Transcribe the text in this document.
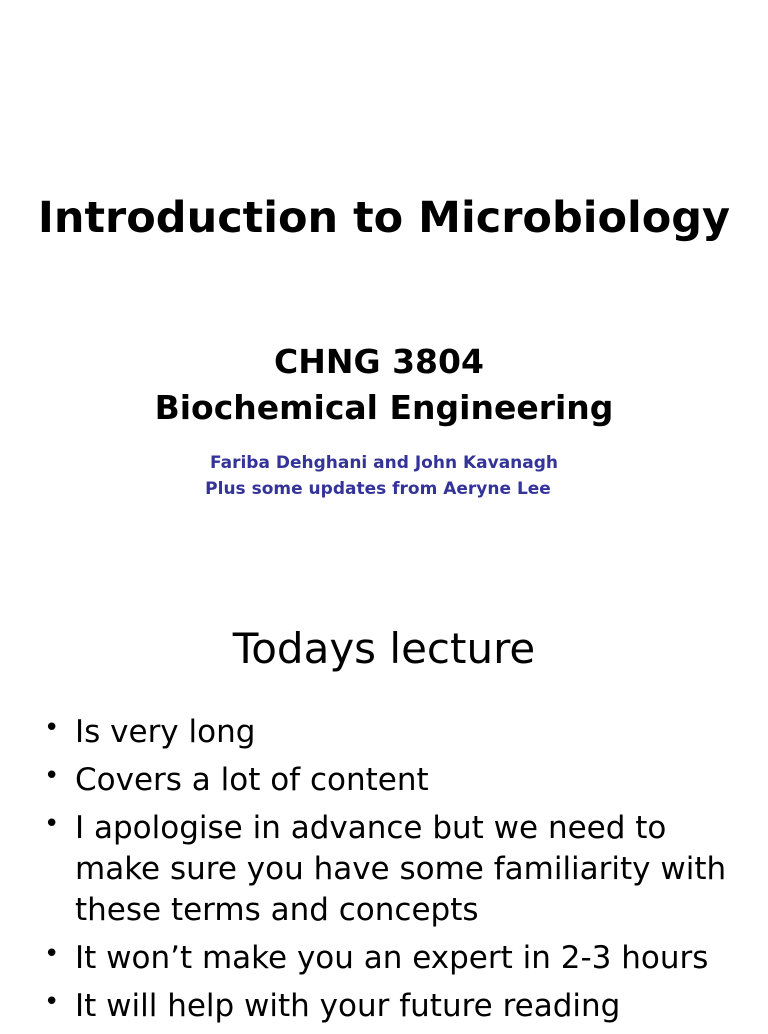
Introduction to Microbiology
CHNG 3804
Biochemical Engineering
Fariba Dehghani and John Kavanagh
Plus some updates from Aeryne Lee
Todays lecture
• Is very long
• Covers a lot of content
• I apologise in advance but we need to make sure you have some familiarity with these terms and concepts
• It won’t make you an expert in 2-3 hours
• It will help with your future reading
